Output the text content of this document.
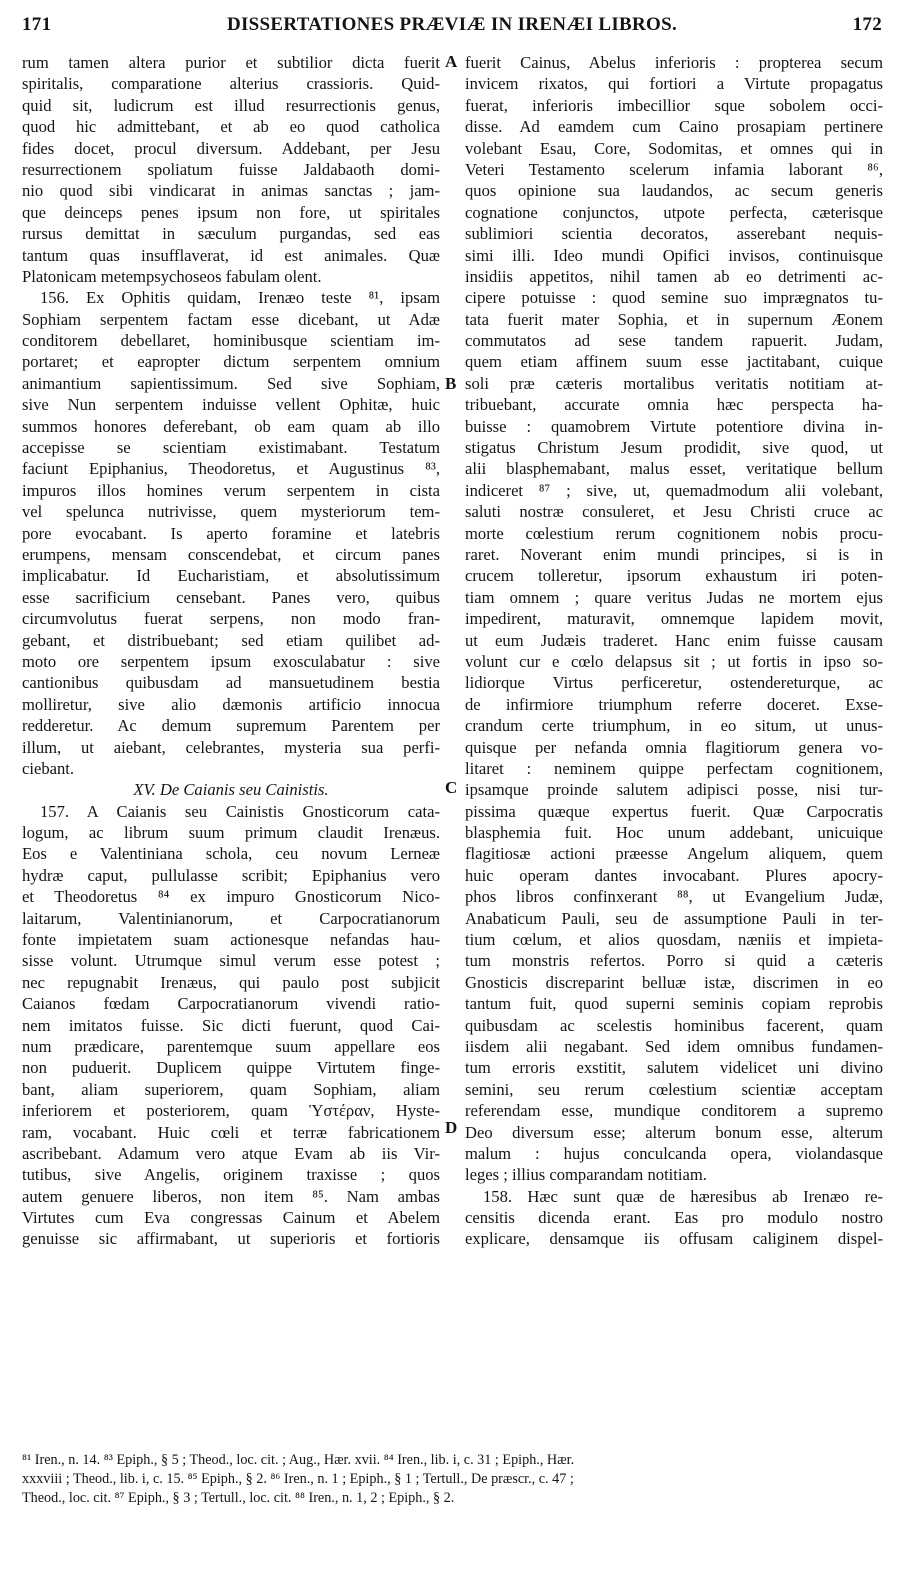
171	DISSERTATIONES PRÆVIÆ IN IRENÆI LIBROS.	172
A
B
C
D
rum tamen altera purior et subtilior dicta fuerit
spiritalis, comparatione alterius crassioris. Quid-
quid sit, ludicrum est illud resurrectionis genus,
quod hic admittebant, et ab eo quod catholica
fides docet, procul diversum. Addebant, per Jesu
resurrectionem spoliatum fuisse Jaldabaoth domi-
nio quod sibi vindicarat in animas sanctas ; jam-
que deinceps penes ipsum non fore, ut spiritales
rursus demittat in sæculum purgandas, sed eas
tantum quas insufflaverat, id est animales. Quæ
Platonicam metempsychoseos fabulam olent.
156. Ex Ophitis quidam, Irenæo teste ⁸¹, ipsam
Sophiam serpentem factam esse dicebant, ut Adæ
conditorem debellaret, hominibusque scientiam im-
portaret; et eapropter dictum serpentem omnium
animantium sapientissimum. Sed sive Sophiam,
sive Nun serpentem induisse vellent Ophitæ, huic
summos honores deferebant, ob eam quam ab illo
accepisse se scientiam existimabant. Testatum
faciunt Epiphanius, Theodoretus, et Augustinus ⁸³,
impuros illos homines verum serpentem in cista
vel spelunca nutrivisse, quem mysteriorum tem-
pore evocabant. Is aperto foramine et latebris
erumpens, mensam conscendebat, et circum panes
implicabatur. Id Eucharistiam, et absolutissimum
esse sacrificium censebant. Panes vero, quibus
circumvolutus fuerat serpens, non modo fran-
gebant, et distribuebant; sed etiam quilibet ad-
moto ore serpentem ipsum exosculabatur : sive
cantionibus quibusdam ad mansuetudinem bestia
molliretur, sive alio dæmonis artificio innocua
redderetur. Ac demum supremum Parentem per
illum, ut aiebant, celebrantes, mysteria sua perfi-
ciebant.
XV. De Caianis seu Cainistis.
157. A Caianis seu Cainistis Gnosticorum cata-
logum, ac librum suum primum claudit Irenæus.
Eos e Valentiniana schola, ceu novum Lerneæ
hydræ caput, pullulasse scribit; Epiphanius vero
et Theodoretus ⁸⁴ ex impuro Gnosticorum Nico-
laitarum, Valentinianorum, et Carpocratianorum
fonte impietatem suam actionesque nefandas hau-
sisse volunt. Utrumque simul verum esse potest ;
nec repugnabit Irenæus, qui paulo post subjicit
Caianos fœdam Carpocratianorum vivendi ratio-
nem imitatos fuisse. Sic dicti fuerunt, quod Cai-
num prædicare, parentemque suum appellare eos
non puduerit. Duplicem quippe Virtutem finge-
bant, aliam superiorem, quam Sophiam, aliam
inferiorem et posteriorem, quam Ὑστέραν, Hyste-
ram, vocabant. Huic cœli et terræ fabricationem
ascribebant. Adamum vero atque Evam ab iis Vir-
tutibus, sive Angelis, originem traxisse ; quos
autem genuere liberos, non item ⁸⁵. Nam ambas
Virtutes cum Eva congressas Cainum et Abelem
genuisse sic affirmabant, ut superioris et fortioris
fuerit Cainus, Abelus inferioris : propterea secum
invicem rixatos, qui fortiori a Virtute propagatus
fuerat, inferioris imbecillior sque sobolem occi-
disse. Ad eamdem cum Caino prosapiam pertinere
volebant Esau, Core, Sodomitas, et omnes qui in
Veteri Testamento scelerum infamia laborant ⁸⁶,
quos opinione sua laudandos, ac secum generis
cognatione conjunctos, utpote perfecta, cæterisque
sublimiori scientia decoratos, asserebant nequis-
simi illi. Ideo mundi Opifici invisos, continuisque
insidiis appetitos, nihil tamen ab eo detrimenti ac-
cipere potuisse : quod semine suo imprægnatos tu-
tata fuerit mater Sophia, et in supernum Æonem
commutatos ad sese tandem rapuerit. Judam,
quem etiam affinem suum esse jactitabant, cuique
soli præ cæteris mortalibus veritatis notitiam at-
tribuebant, accurate omnia hæc perspecta ha-
buisse : quamobrem Virtute potentiore divina in-
stigatus Christum Jesum prodidit, sive quod, ut
alii blasphemabant, malus esset, veritatique bellum
indiceret ⁸⁷ ; sive, ut, quemadmodum alii volebant,
saluti nostræ consuleret, et Jesu Christi cruce ac
morte cœlestium rerum cognitionem nobis procu-
raret. Noverant enim mundi principes, si is in
crucem tolleretur, ipsorum exhaustum iri poten-
tiam omnem ; quare veritus Judas ne mortem ejus
impedirent, maturavit, omnemque lapidem movit,
ut eum Judæis traderet. Hanc enim fuisse causam
volunt cur e cœlo delapsus sit ; ut fortis in ipso so-
lidiorque Virtus perficeretur, ostendereturque, ac
de infirmiore triumphum referre doceret. Exse-
crandum certe triumphum, in eo situm, ut unus-
quisque per nefanda omnia flagitiorum genera vo-
litaret : neminem quippe perfectam cognitionem,
ipsamque proinde salutem adipisci posse, nisi tur-
pissima quæque expertus fuerit. Quæ Carpocratis
blasphemia fuit. Hoc unum addebant, unicuique
flagitiosæ actioni præesse Angelum aliquem, quem
huic operam dantes invocabant. Plures apocry-
phos libros confinxerant ⁸⁸, ut Evangelium Judæ,
Anabaticum Pauli, seu de assumptione Pauli in ter-
tium cœlum, et alios quosdam, næniis et impieta-
tum monstris refertos. Porro si quid a cæteris
Gnosticis discreparint belluæ istæ, discrimen in eo
tantum fuit, quod superni seminis copiam reprobis
quibusdam ac scelestis hominibus facerent, quam
iisdem alii negabant. Sed idem omnibus fundamen-
tum erroris exstitit, salutem videlicet uni divino
semini, seu rerum cœlestium scientiæ acceptam
referendam esse, mundique conditorem a supremo
Deo diversum esse; alterum bonum esse, alterum
malum : hujus conculcanda opera, violandasque
leges ; illius comparandam notitiam.
158. Hæc sunt quæ de hæresibus ab Irenæo re-
censitis dicenda erant. Eas pro modulo nostro
explicare, densamque iis offusam caliginem dispel-
⁸¹ Iren., n. 14. ⁸³ Epiph., § 5 ; Theod., loc. cit. ; Aug., Hær. xvii. ⁸⁴ Iren., lib. i, c. 31 ; Epiph., Hær.
xxxviii ; Theod., lib. i, c. 15. ⁸⁵ Epiph., § 2. ⁸⁶ Iren., n. 1 ; Epiph., § 1 ; Tertull., De præscr., c. 47 ;
Theod., loc. cit. ⁸⁷ Epiph., § 3 ; Tertull., loc. cit. ⁸⁸ Iren., n. 1, 2 ; Epiph., § 2.
